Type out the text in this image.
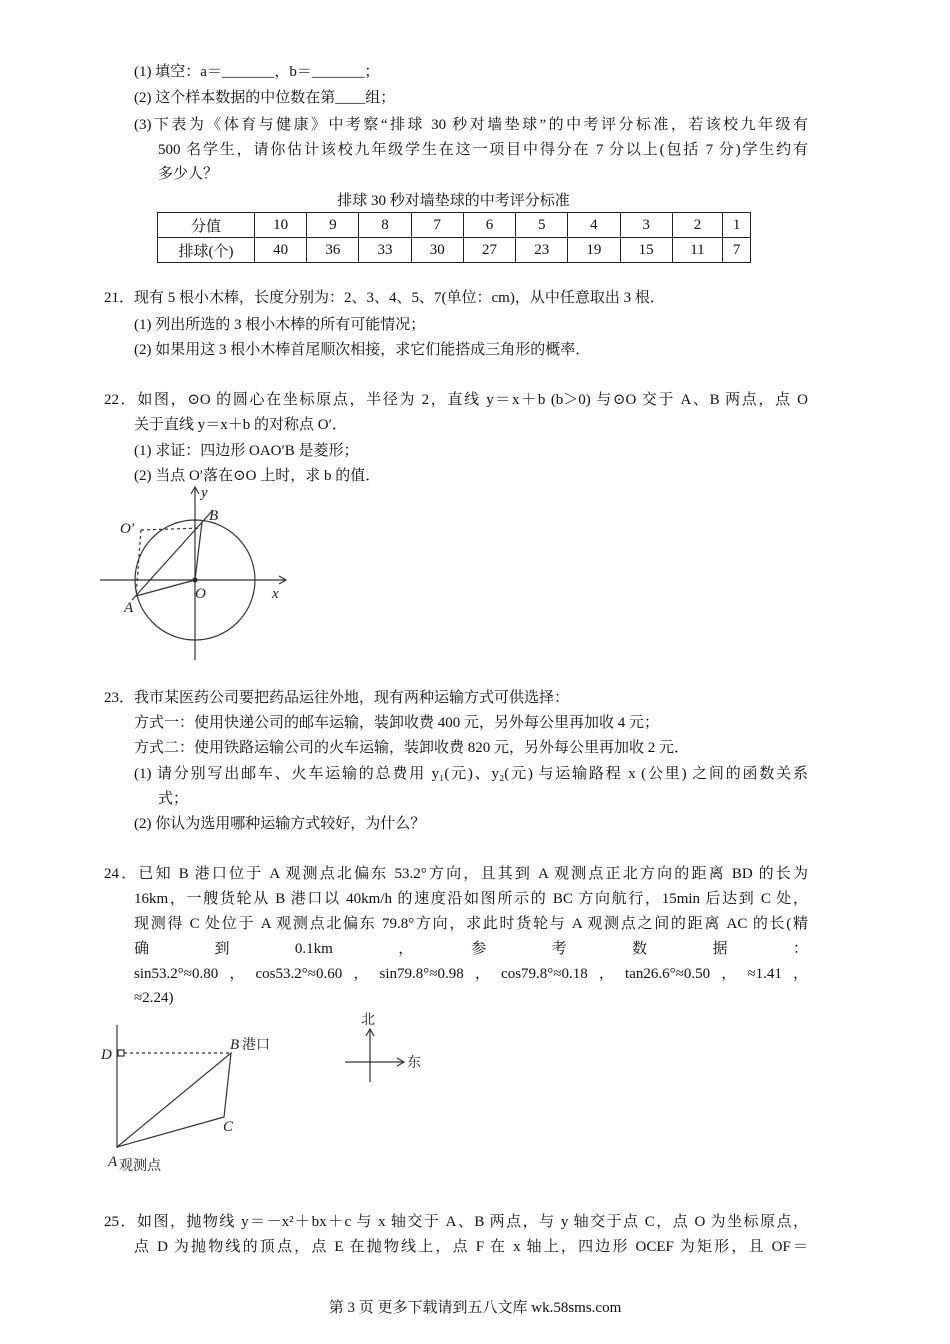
(1) 填空：a＝_______，b＝_______；
(2) 这个样本数据的中位数在第____组；
(3)下表为《体育与健康》中考察“排球 30 秒对墙垫球”的中考评分标准，若该校九年级有
500 名学生，请你估计该校九年级学生在这一项目中得分在 7 分以上(包括 7 分)学生约有
多少人？
排球 30 秒对墙垫球的中考评分标准
分值	10	9	8	7	6	5	4	3	2	1
排球(个)	40	36	33	30	27	23	19	15	11	7
21．现有 5 根小木棒，长度分别为：2、3、4、5、7(单位：cm)，从中任意取出 3 根．
(1) 列出所选的 3 根小木棒的所有可能情况；
(2) 如果用这 3 根小木棒首尾顺次相接，求它们能搭成三角形的概率．
22．如图，⊙O 的圆心在坐标原点，半径为 2，直线 y＝x＋b (b＞0) 与⊙O 交于 A、B 两点，点 O
关于直线 y＝x＋b 的对称点 O′．
(1) 求证：四边形 OAO′B 是菱形；
(2) 当点 O′落在⊙O 上时，求 b 的值．
y
x
O
A
B
O′
D
B 港口
C
A 观测点
北
东
23．我市某医药公司要把药品运往外地，现有两种运输方式可供选择：
方式一：使用快递公司的邮车运输，装卸收费 400 元，另外每公里再加收 4 元；
方式二：使用铁路运输公司的火车运输，装卸收费 820 元，另外每公里再加收 2 元．
(1) 请分别写出邮车、火车运输的总费用 y₁(元)、y₂(元) 与运输路程 x (公里) 之间的函数关系
式；
(2) 你认为选用哪种运输方式较好，为什么？
24．已知 B 港口位于 A 观测点北偏东 53.2°方向，且其到 A 观测点正北方向的距离 BD 的长为
16km，一艘货轮从 B 港口以 40km/h 的速度沿如图所示的 BC 方向航行，15min 后达到 C 处，
现测得 C 处位于 A 观测点北偏东 79.8°方向，求此时货轮与 A 观测点之间的距离 AC 的长(精
确　到　0.1km　，　参　考　数　据　：
sin53.2°≈0.80，cos53.2°≈0.60，sin79.8°≈0.98，cos79.8°≈0.18，tan26.6°≈0.50，≈1.41，
≈2.24)
25．如图，抛物线 y＝－x²＋bx＋c 与 x 轴交于 A、B 两点，与 y 轴交于点 C，点 O 为坐标原点，
点 D 为抛物线的顶点，点 E 在抛物线上，点 F 在 x 轴上，四边形 OCEF 为矩形，且 OF＝
第 3 页 更多下载请到五八文库 wk.58sms.com
